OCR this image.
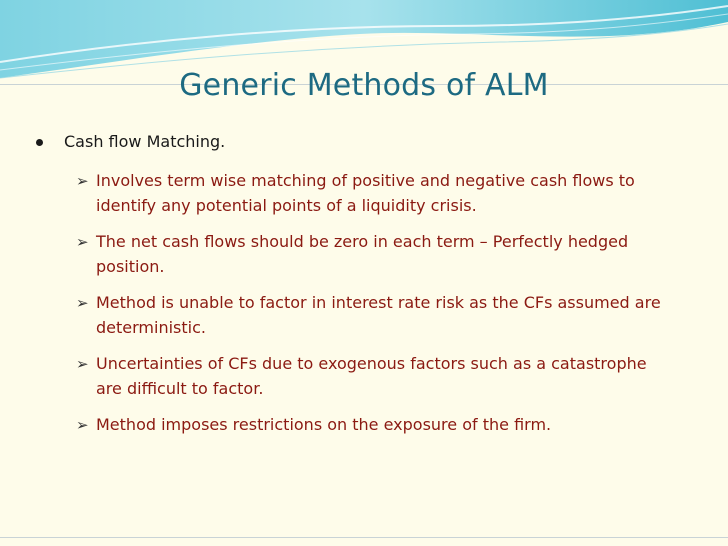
Generic Methods of ALM
Cash flow Matching.
➢ Involves term wise matching of positive and negative cash flows to identify any potential points of a liquidity crisis.
➢ The net cash flows should be zero in each term – Perfectly hedged position.
➢ Method is unable to factor in interest rate risk as the CFs assumed are deterministic.
➢ Uncertainties of CFs due to exogenous factors such as a catastrophe are difficult to factor.
➢ Method imposes restrictions on the exposure of the firm.
